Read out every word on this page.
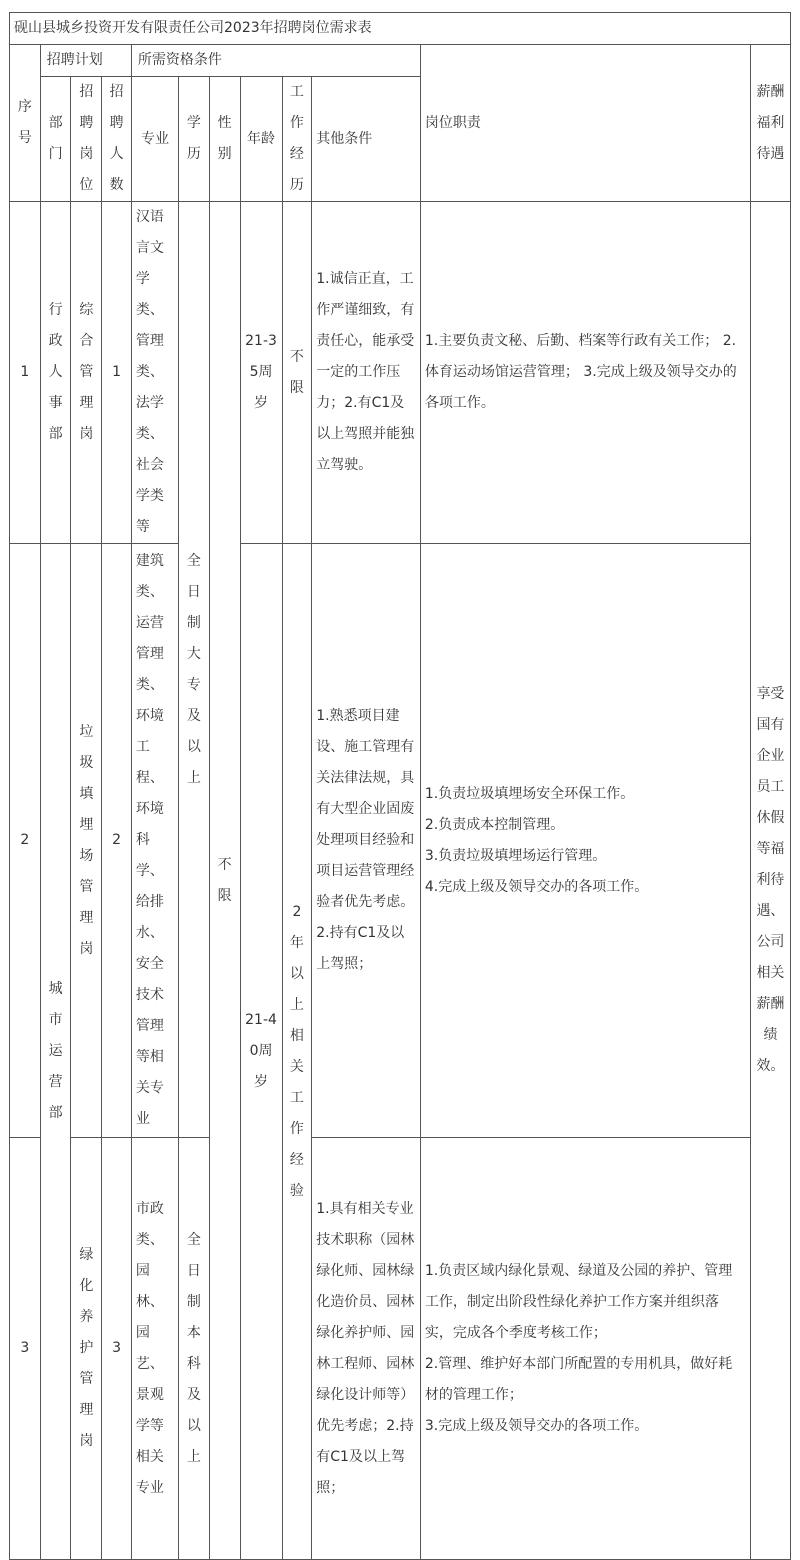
砚山县城乡投资开发有限责任公司2023年招聘岗位需求表											
序号	招聘计划			所需资格条件						岗位职责	薪酬福利待遇
	部门	招聘岗位	招聘人数	专业	学历	性别	年龄	工作经历	其他条件		
1	行政人事部	综合管理岗	1	汉语言文学类、管理类、法学类、社会学类等	全日制大专及以上	不限	21-35周岁	不限	1.诚信正直，工作严谨细致，有责任心，能承受一定的工作压力；2.有C1及以上驾照并能独立驾驶。	1.主要负责文秘、后勤、档案等行政有关工作； 2.体育运动场馆运营管理； 3.完成上级及领导交办的各项工作。	享受国有企业员工休假等福利待遇、公司相关薪酬绩效。
2	城市运营部	垃圾填埋场管理岗	2	建筑类、运营管理类、环境工程、环境科学、给排水、安全技术管理等相关专业			21-40周岁	2年以上相关工作经验	1.熟悉项目建设、施工管理有关法律法规，具有大型企业固废处理项目经验和项目运营管理经验者优先考虑。 2.持有C1及以上驾照；	1.负责垃圾填埋场安全环保工作。
2.负责成本控制管理。
3.负责垃圾填埋场运行管理。
4.完成上级及领导交办的各项工作。	
3		绿化养护管理岗	3	市政类、园林、园艺、景观学等相关专业	全日制本科及以上				1.具有相关专业技术职称（园林绿化师、园林绿化造价员、园林绿化养护师、园林工程师、园林绿化设计师等）优先考虑；2.持有C1及以上驾照；	1.负责区域内绿化景观、绿道及公园的养护、管理工作，制定出阶段性绿化养护工作方案并组织落实，完成各个季度考核工作；
2.管理、维护好本部门所配置的专用机具，做好耗材的管理工作；
3.完成上级及领导交办的各项工作。	
